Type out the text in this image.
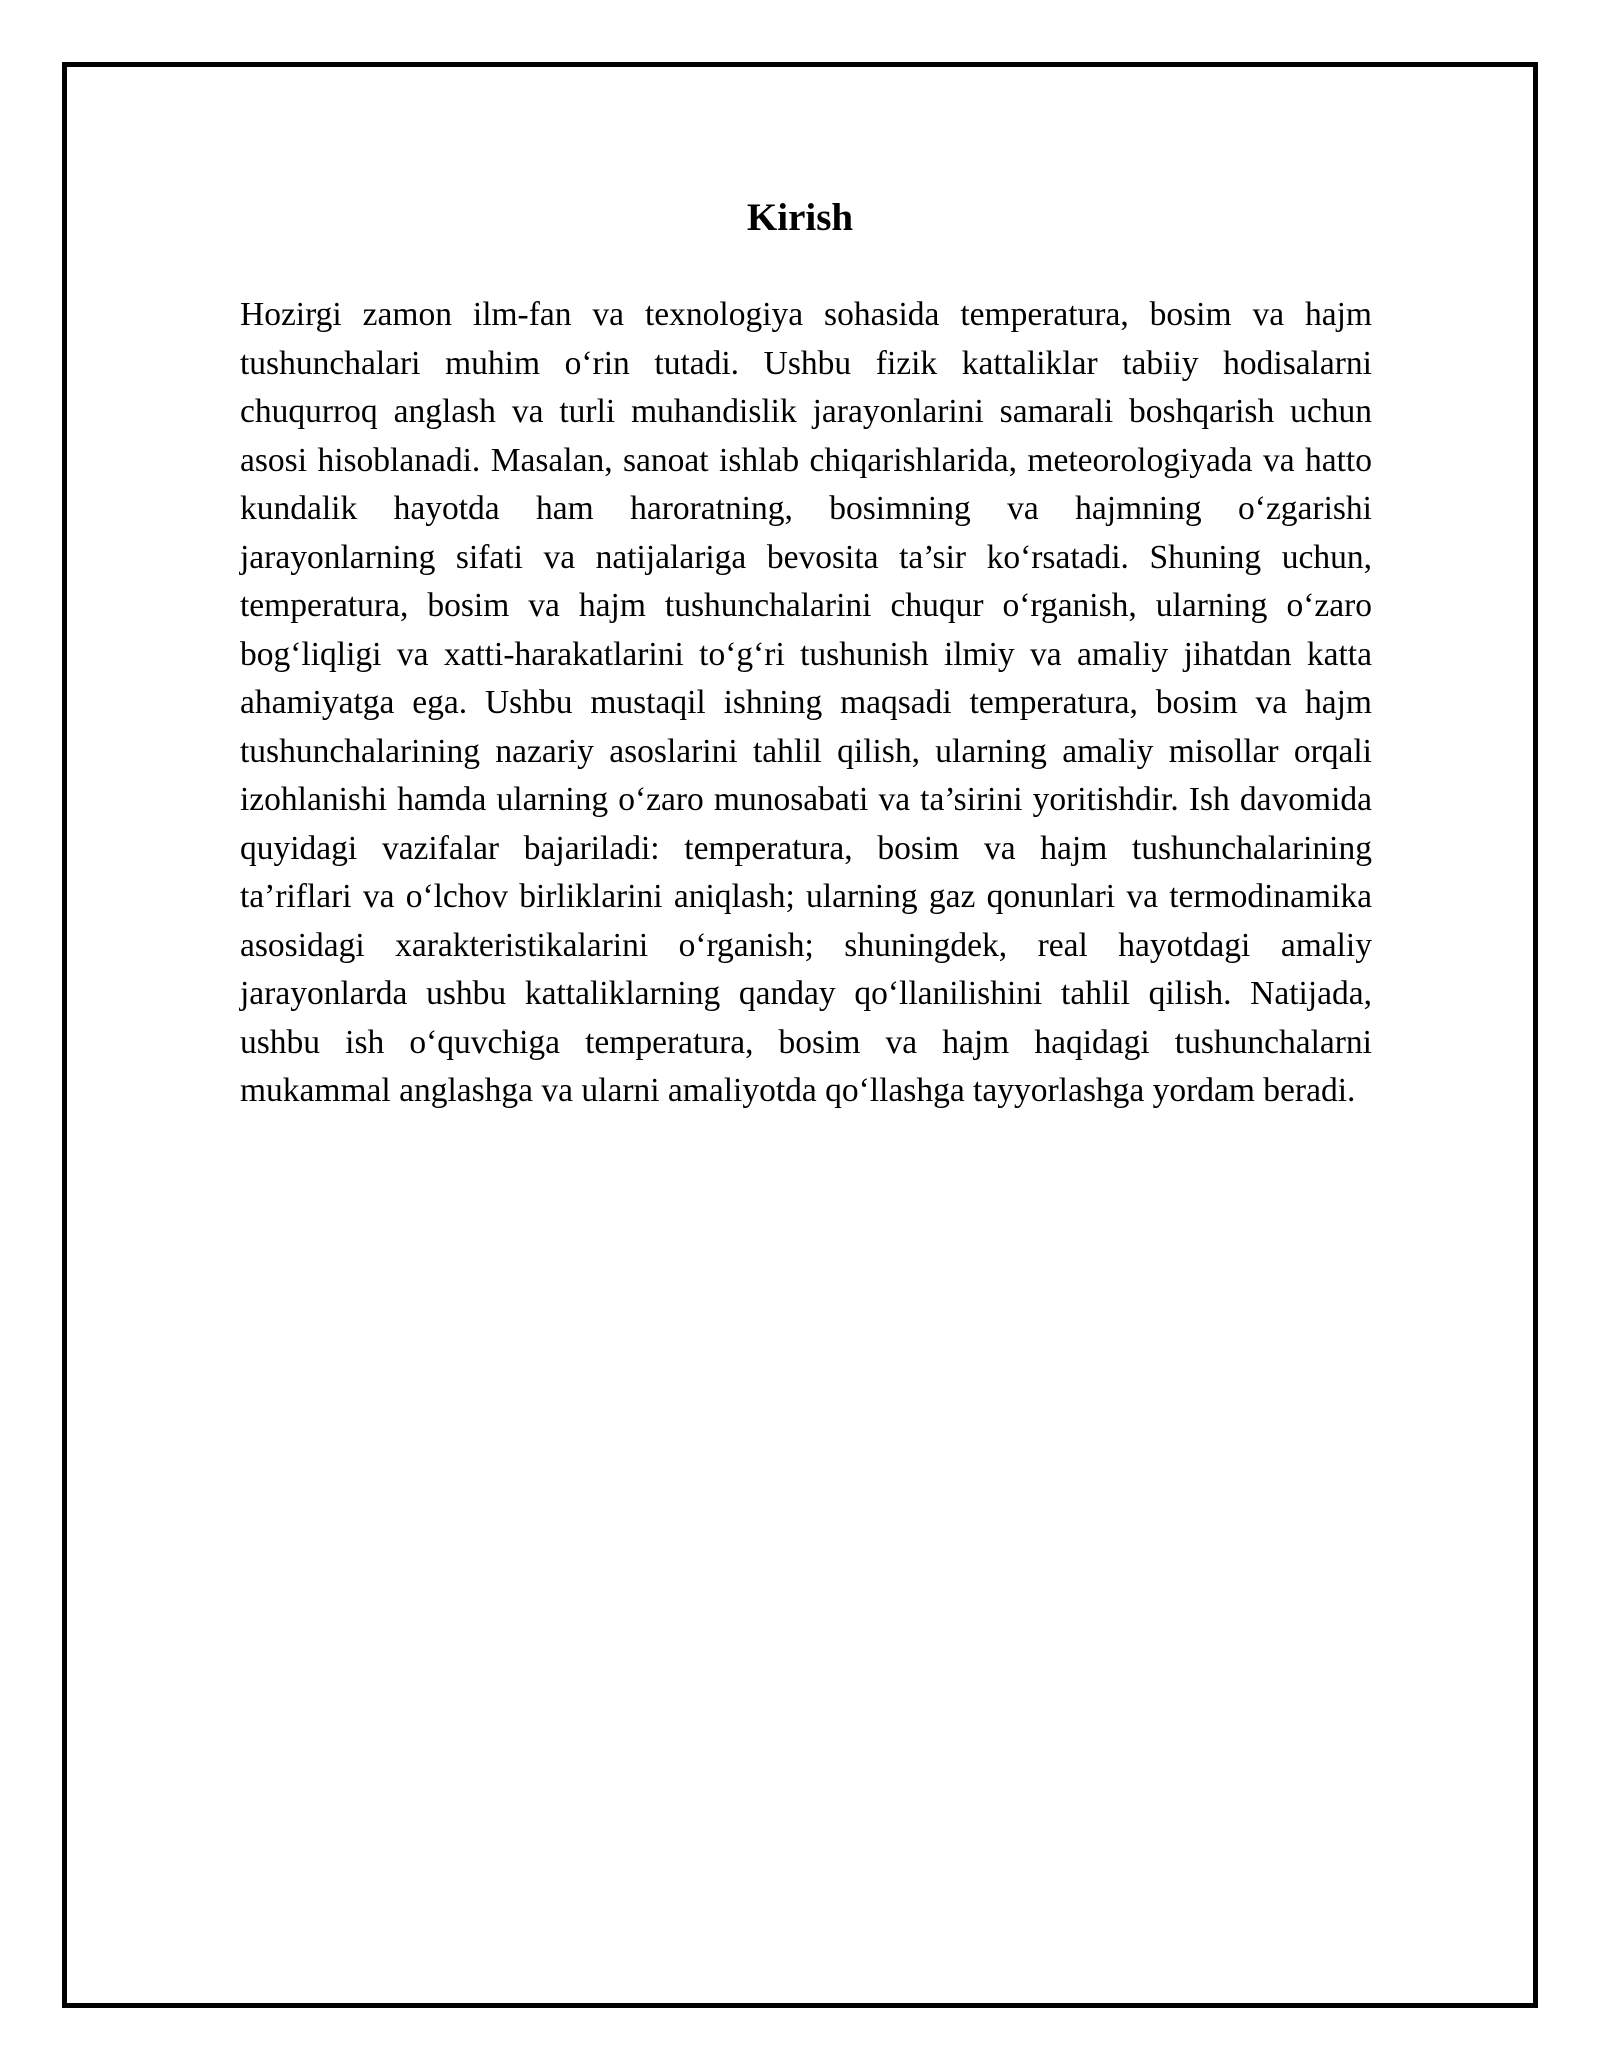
Kirish

Hozirgi zamon ilm-fan va texnologiya sohasida temperatura, bosim va hajm tushunchalari muhim o‘rin tutadi. Ushbu fizik kattaliklar tabiiy hodisalarni chuqurroq anglash va turli muhandislik jarayonlarini samarali boshqarish uchun asosi hisoblanadi. Masalan, sanoat ishlab chiqarishlarida, meteorologiyada va hatto kundalik hayotda ham haroratning, bosimning va hajmning o‘zgarishi jarayonlarning sifati va natijalariga bevosita ta’sir ko‘rsatadi. Shuning uchun, temperatura, bosim va hajm tushunchalarini chuqur o‘rganish, ularning o‘zaro bog‘liqligi va xatti-harakatlarini to‘g‘ri tushunish ilmiy va amaliy jihatdan katta ahamiyatga ega. Ushbu mustaqil ishning maqsadi temperatura, bosim va hajm tushunchalarining nazariy asoslarini tahlil qilish, ularning amaliy misollar orqali izohlanishi hamda ularning o‘zaro munosabati va ta’sirini yoritishdir. Ish davomida quyidagi vazifalar bajariladi: temperatura, bosim va hajm tushunchalarining ta’riflari va o‘lchov birliklarini aniqlash; ularning gaz qonunlari va termodinamika asosidagi xarakteristikalarini o‘rganish; shuningdek, real hayotdagi amaliy jarayonlarda ushbu kattaliklarning qanday qo‘llanilishini tahlil qilish. Natijada, ushbu ish o‘quvchiga temperatura, bosim va hajm haqidagi tushunchalarni mukammal anglashga va ularni amaliyotda qo‘llashga tayyorlashga yordam beradi.
